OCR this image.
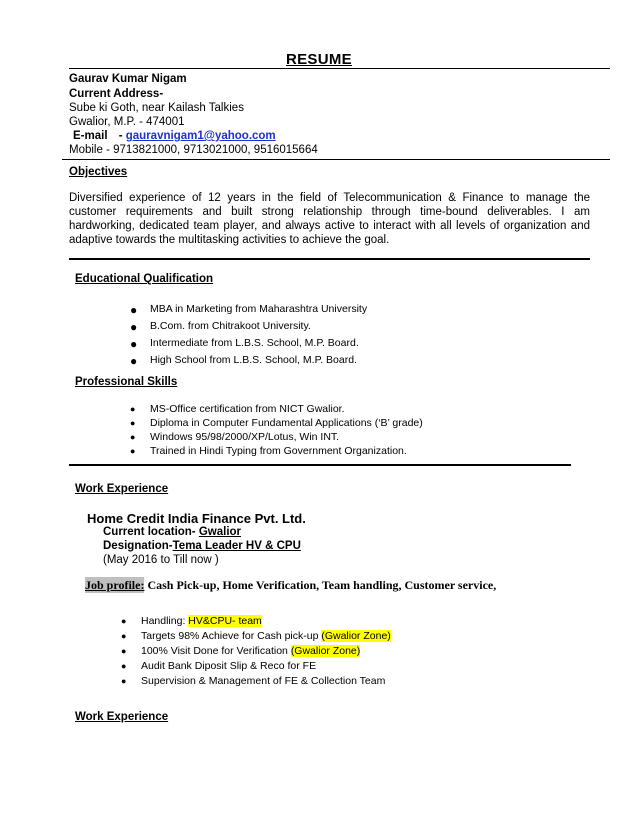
RESUME
Gaurav Kumar Nigam
Current Address-
Sube ki Goth, near Kailash Talkies
Gwalior, M.P. - 474001
E-mail - gauravnigam1@yahoo.com
Mobile - 9713821000, 9713021000, 9516015664
Objectives
Diversified experience of 12 years in the field of Telecommunication & Finance to manage the customer requirements and built strong relationship through time-bound deliverables. I am hardworking, dedicated team player, and always active to interact with all levels of organization and adaptive towards the multitasking activities to achieve the goal.
Educational Qualification
● MBA in Marketing from Maharashtra University
● B.Com. from Chitrakoot University.
● Intermediate from L.B.S. School, M.P. Board.
● High School from L.B.S. School, M.P. Board.
Professional Skills
● MS-Office certification from NICT Gwalior.
● Diploma in Computer Fundamental Applications (‘B’ grade)
● Windows 95/98/2000/XP/Lotus, Win INT.
● Trained in Hindi Typing from Government Organization.
Work Experience
Home Credit India Finance Pvt. Ltd.
Current location- Gwalior
Designation-Tema Leader HV & CPU
(May 2016 to Till now )
Job profile: Cash Pick-up, Home Verification, Team handling, Customer service,
● Handling: HV&CPU- team
● Targets 98% Achieve for Cash pick-up (Gwalior Zone)
● 100% Visit Done for Verification (Gwalior Zone)
● Audit Bank Diposit Slip & Reco for FE
● Supervision & Management of FE & Collection Team
Work Experience
